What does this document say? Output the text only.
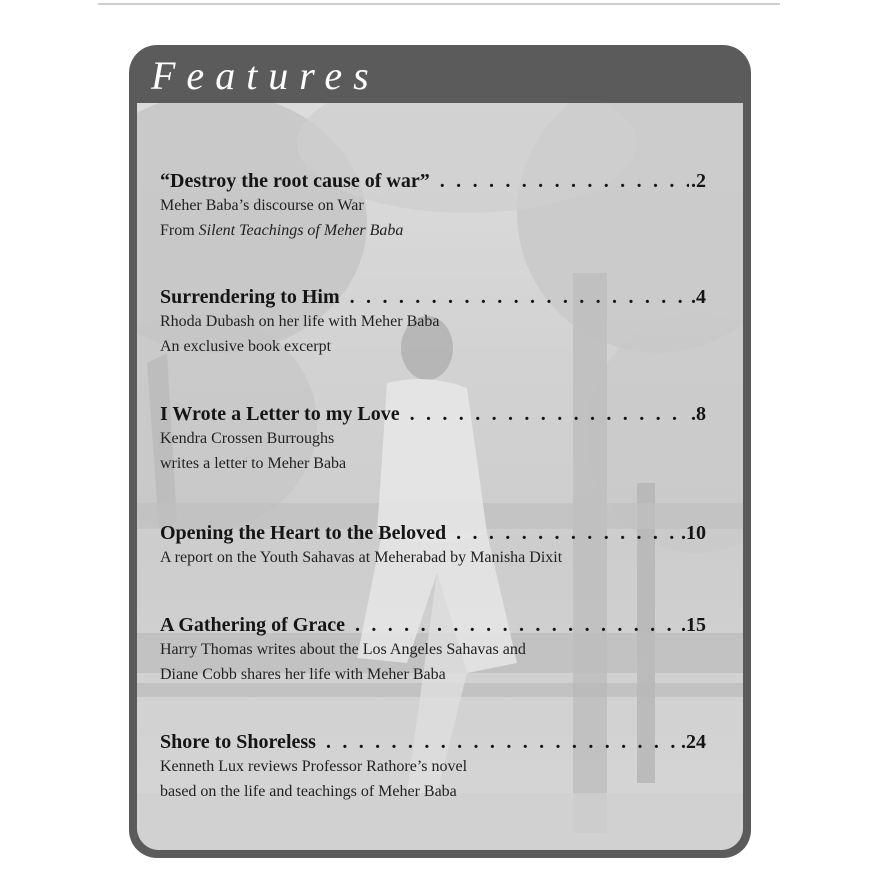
Features
“Destroy the root cause of war” . . .	.2
Meher Baba’s discourse on War
From Silent Teachings of Meher Baba
Surrendering to Him . . .	.4
Rhoda Dubash on her life with Meher Baba
An exclusive book excerpt
I Wrote a Letter to my Love . . .	.8
Kendra Crossen Burroughs
writes a letter to Meher Baba
Opening the Heart to the Beloved . . .	.10
A report on the Youth Sahavas at Meherabad by Manisha Dixit
A Gathering of Grace . . .	.15
Harry Thomas writes about the Los Angeles Sahavas and
Diane Cobb shares her life with Meher Baba
Shore to Shoreless . . .	.24
Kenneth Lux reviews Professor Rathore’s novel
based on the life and teachings of Meher Baba
